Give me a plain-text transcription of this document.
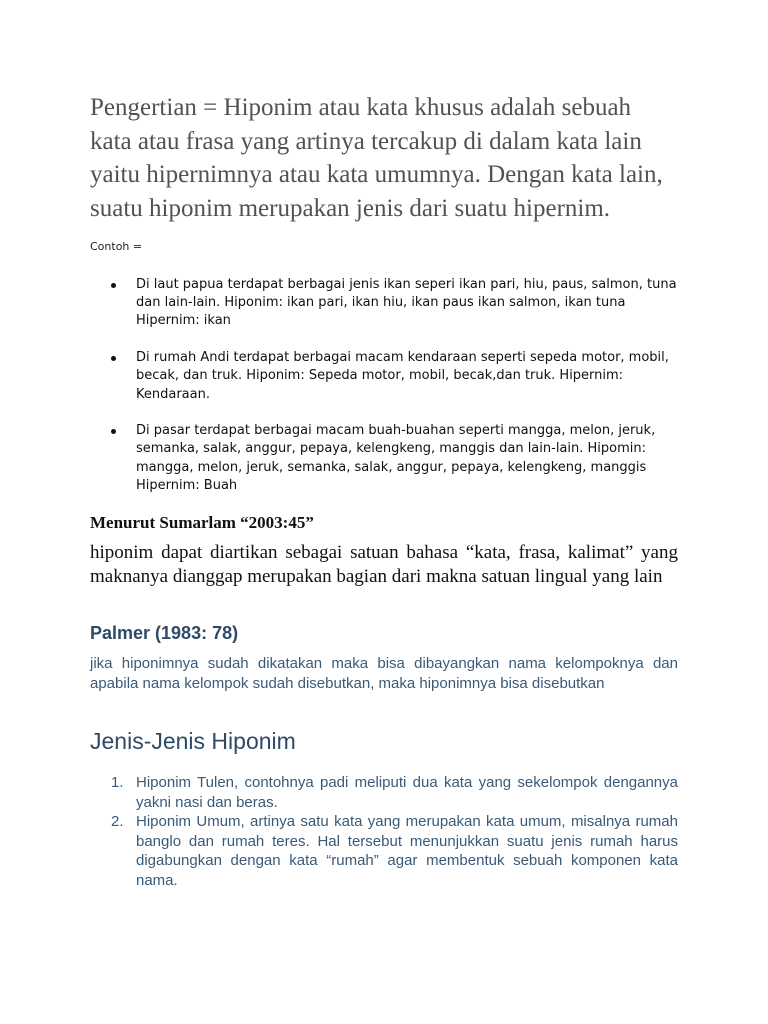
Pengertian = Hiponim atau kata khusus adalah sebuah kata atau frasa yang artinya tercakup di dalam kata lain yaitu hipernimnya atau kata umumnya. Dengan kata lain, suatu hiponim merupakan jenis dari suatu hipernim.

Contoh =

Di laut papua terdapat berbagai jenis ikan seperi ikan pari, hiu, paus, salmon, tuna dan lain-lain. Hiponim: ikan pari, ikan hiu, ikan paus ikan salmon, ikan tuna Hipernim: ikan
Di rumah Andi terdapat berbagai macam kendaraan seperti sepeda motor, mobil, becak, dan truk. Hiponim: Sepeda motor, mobil, becak,dan truk. Hipernim: Kendaraan.
Di pasar terdapat berbagai macam buah-buahan seperti mangga, melon, jeruk, semanka, salak, anggur, pepaya, kelengkeng, manggis dan lain-lain. Hipomin: mangga, melon, jeruk, semanka, salak, anggur, pepaya, kelengkeng, manggis Hipernim: Buah

Menurut Sumarlam “2003:45”

hiponim dapat diartikan sebagai satuan bahasa “kata, frasa, kalimat” yang maknanya dianggap merupakan bagian dari makna satuan lingual yang lain

Palmer (1983: 78)

jika hiponimnya sudah dikatakan maka bisa dibayangkan nama kelompoknya dan apabila nama kelompok sudah disebutkan, maka hiponimnya bisa disebutkan

Jenis-Jenis Hiponim
1. Hiponim Tulen, contohnya padi meliputi dua kata yang sekelompok dengannya yakni nasi dan beras.
2. Hiponim Umum, artinya satu kata yang merupakan kata umum, misalnya rumah banglo dan rumah teres. Hal tersebut menunjukkan suatu jenis rumah harus digabungkan dengan kata “rumah” agar membentuk sebuah komponen kata nama.
